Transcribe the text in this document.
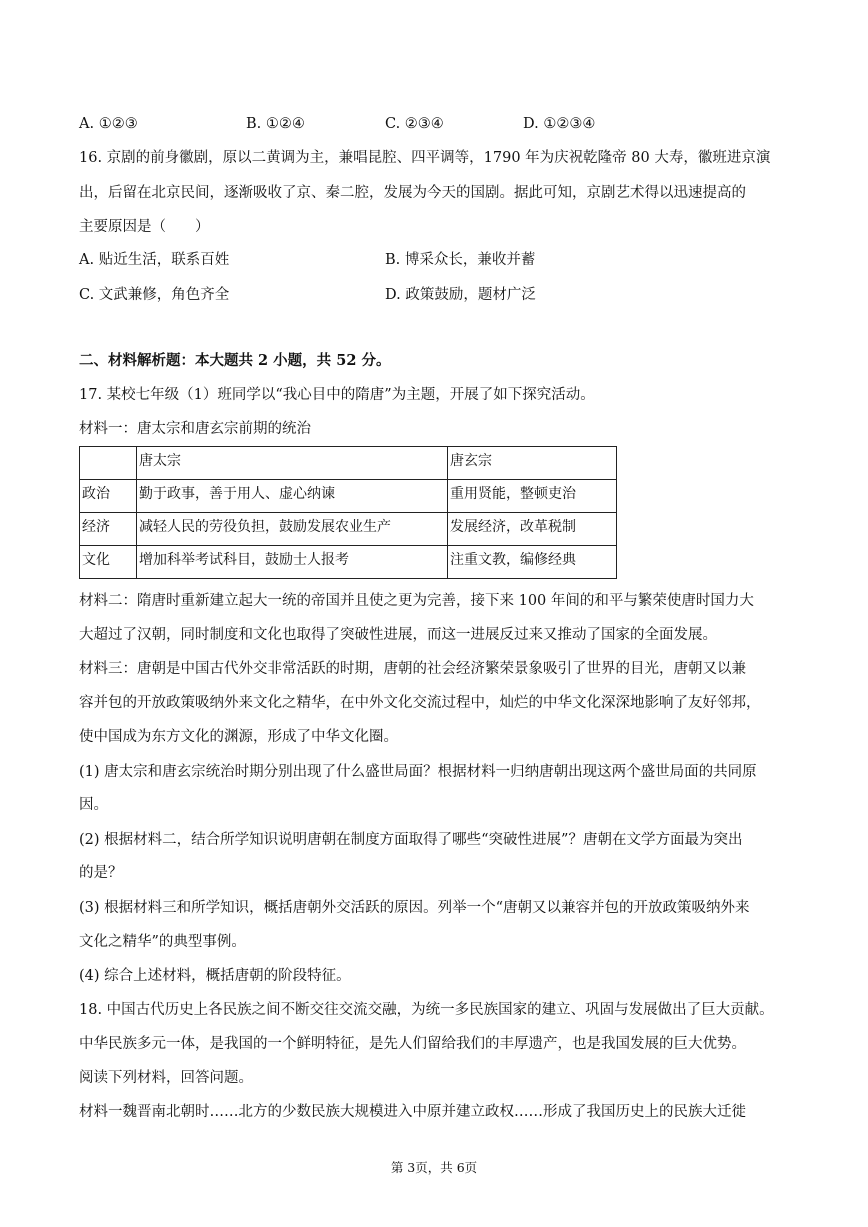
A. ①②③	B. ①②④	C. ②③④	D. ①②③④
16. 京剧的前身徽剧，原以二黄调为主，兼唱昆腔、四平调等，1790 年为庆祝乾隆帝 80 大寿，徽班进京演
出，后留在北京民间，逐渐吸收了京、秦二腔，发展为今天的国剧。据此可知，京剧艺术得以迅速提高的
主要原因是（　　）
A. 贴近生活，联系百姓	B. 博采众长，兼收并蓄
C. 文武兼修，角色齐全	D. 政策鼓励，题材广泛
二、材料解析题：本大题共 2 小题，共 52 分。
17. 某校七年级（1）班同学以“我心目中的隋唐”为主题，开展了如下探究活动。
材料一：唐太宗和唐玄宗前期的统治
	唐太宗	唐玄宗
政治	勤于政事，善于用人、虚心纳谏	重用贤能，整顿吏治
经济	减轻人民的劳役负担，鼓励发展农业生产	发展经济，改革税制
文化	增加科举考试科目，鼓励士人报考	注重文教，编修经典
材料二：隋唐时重新建立起大一统的帝国并且使之更为完善，接下来 100 年间的和平与繁荣使唐时国力大
大超过了汉朝，同时制度和文化也取得了突破性进展，而这一进展反过来又推动了国家的全面发展。
材料三：唐朝是中国古代外交非常活跃的时期，唐朝的社会经济繁荣景象吸引了世界的目光，唐朝又以兼
容并包的开放政策吸纳外来文化之精华，在中外文化交流过程中，灿烂的中华文化深深地影响了友好邻邦，
使中国成为东方文化的渊源，形成了中华文化圈。
(1) 唐太宗和唐玄宗统治时期分别出现了什么盛世局面？根据材料一归纳唐朝出现这两个盛世局面的共同原
因。
(2) 根据材料二，结合所学知识说明唐朝在制度方面取得了哪些“突破性进展”？唐朝在文学方面最为突出
的是？
(3) 根据材料三和所学知识，概括唐朝外交活跃的原因。列举一个“唐朝又以兼容并包的开放政策吸纳外来
文化之精华”的典型事例。
(4) 综合上述材料，概括唐朝的阶段特征。
18. 中国古代历史上各民族之间不断交往交流交融，为统一多民族国家的建立、巩固与发展做出了巨大贡献。
中华民族多元一体，是我国的一个鲜明特征，是先人们留给我们的丰厚遗产，也是我国发展的巨大优势。
阅读下列材料，回答问题。
材料一魏晋南北朝时……北方的少数民族大规模进入中原并建立政权……形成了我国历史上的民族大迁徙
第 3页，共 6页
